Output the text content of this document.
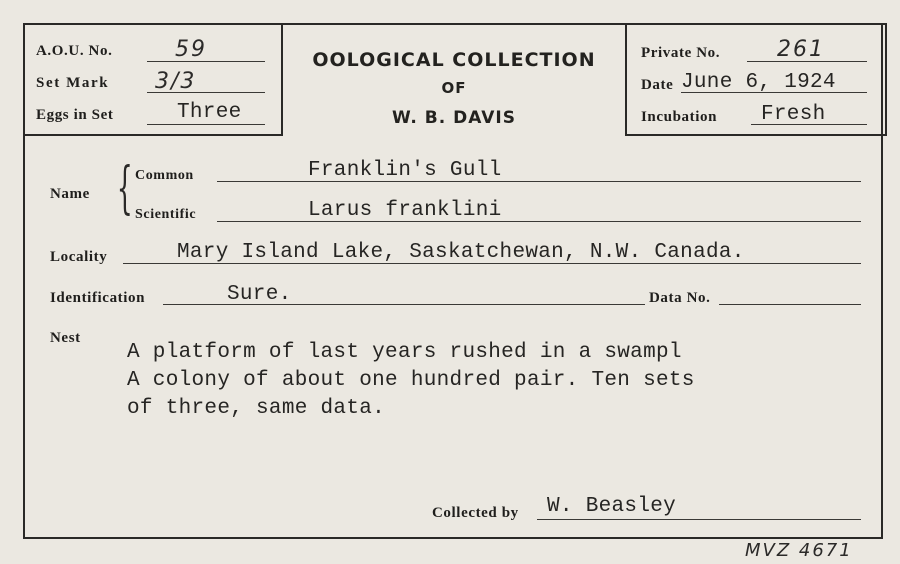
A.O.U. No.	59
Set Mark 3/3
Eggs in Set	Three
OOLOGICAL COLLECTION
OF
W. B. DAVIS
Private No.	261
Date June 6, 1924
Incubation Fresh
Name { Common	Franklin's Gull
Scientific	Larus franklini
Locality	Mary Island Lake, Saskatchewan, N.W. Canada.
Identification	Sure.	Data No.
Nest
A platform of last years rushed in a swampl
A colony of about one hundred pair. Ten sets
of three, same data.
Collected by W. Beasley
MVZ 4671
